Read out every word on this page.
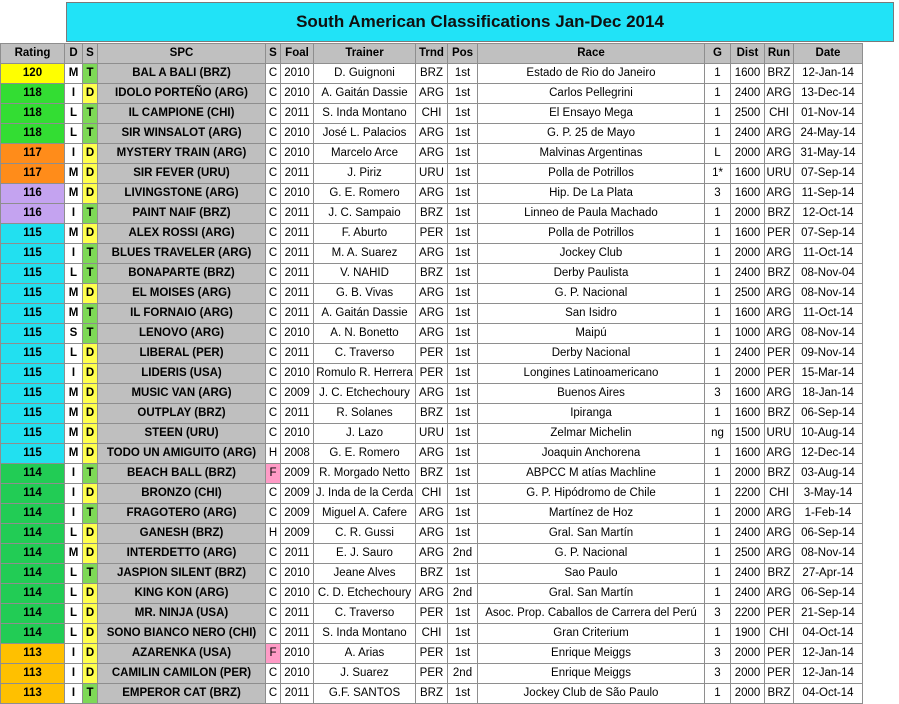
South American Classifications Jan-Dec 2014
Rating	D	S	SPC	S	Foal	Trainer	Trnd	Pos	Race	G	Dist	Run	Date
120	M	T	BAL A BALI (BRZ)	C	2010	D. Guignoni	BRZ	1st	Estado de Rio do Janeiro	1	1600	BRZ	12-Jan-14
118	I	D	IDOLO PORTEÑO (ARG)	C	2010	A. Gaitán Dassie	ARG	1st	Carlos Pellegrini	1	2400	ARG	13-Dec-14
118	L	T	IL CAMPIONE (CHI)	C	2011	S. Inda Montano	CHI	1st	El Ensayo Mega	1	2500	CHI	01-Nov-14
118	L	T	SIR WINSALOT (ARG)	C	2010	José L. Palacios	ARG	1st	G. P. 25 de Mayo	1	2400	ARG	24-May-14
117	I	D	MYSTERY TRAIN (ARG)	C	2010	Marcelo Arce	ARG	1st	Malvinas Argentinas	L	2000	ARG	31-May-14
117	M	D	SIR FEVER (URU)	C	2011	J. Piriz	URU	1st	Polla de Potrillos	1*	1600	URU	07-Sep-14
116	M	D	LIVINGSTONE (ARG)	C	2010	G. E. Romero	ARG	1st	Hip. De La Plata	3	1600	ARG	11-Sep-14
116	I	T	PAINT NAIF (BRZ)	C	2011	J. C. Sampaio	BRZ	1st	Linneo de Paula Machado	1	2000	BRZ	12-Oct-14
115	M	D	ALEX ROSSI (ARG)	C	2011	F. Aburto	PER	1st	Polla de Potrillos	1	1600	PER	07-Sep-14
115	I	T	BLUES TRAVELER (ARG)	C	2011	M. A. Suarez	ARG	1st	Jockey Club	1	2000	ARG	11-Oct-14
115	L	T	BONAPARTE (BRZ)	C	2011	V. NAHID	BRZ	1st	Derby Paulista	1	2400	BRZ	08-Nov-04
115	M	D	EL MOISES (ARG)	C	2011	G. B. Vivas	ARG	1st	G. P. Nacional	1	2500	ARG	08-Nov-14
115	M	T	IL FORNAIO (ARG)	C	2011	A. Gaitán Dassie	ARG	1st	San Isidro	1	1600	ARG	11-Oct-14
115	S	T	LENOVO (ARG)	C	2010	A. N. Bonetto	ARG	1st	Maipú	1	1000	ARG	08-Nov-14
115	L	D	LIBERAL (PER)	C	2011	C. Traverso	PER	1st	Derby Nacional	1	2400	PER	09-Nov-14
115	I	D	LIDERIS (USA)	C	2010	Romulo R. Herrera	PER	1st	Longines Latinoamericano	1	2000	PER	15-Mar-14
115	M	D	MUSIC VAN (ARG)	C	2009	J. C. Etchechoury	ARG	1st	Buenos Aires	3	1600	ARG	18-Jan-14
115	M	D	OUTPLAY (BRZ)	C	2011	R. Solanes	BRZ	1st	Ipiranga	1	1600	BRZ	06-Sep-14
115	M	D	STEEN (URU)	C	2010	J. Lazo	URU	1st	Zelmar Michelin	ng	1500	URU	10-Aug-14
115	M	D	TODO UN AMIGUITO (ARG)	H	2008	G. E. Romero	ARG	1st	Joaquin Anchorena	1	1600	ARG	12-Dec-14
114	I	T	BEACH BALL (BRZ)	F	2009	R. Morgado Netto	BRZ	1st	ABPCC M atías Machline	1	2000	BRZ	03-Aug-14
114	I	D	BRONZO (CHI)	C	2009	J. Inda de la Cerda	CHI	1st	G. P. Hipódromo de Chile	1	2200	CHI	3-May-14
114	I	T	FRAGOTERO (ARG)	C	2009	Miguel A. Cafere	ARG	1st	Martínez de Hoz	1	2000	ARG	1-Feb-14
114	L	D	GANESH (BRZ)	H	2009	C. R. Gussi	ARG	1st	Gral. San Martín	1	2400	ARG	06-Sep-14
114	M	D	INTERDETTO (ARG)	C	2011	E. J. Sauro	ARG	2nd	G. P. Nacional	1	2500	ARG	08-Nov-14
114	L	T	JASPION SILENT (BRZ)	C	2010	Jeane Alves	BRZ	1st	Sao Paulo	1	2400	BRZ	27-Apr-14
114	L	D	KING KON (ARG)	C	2010	C. D. Etchechoury	ARG	2nd	Gral. San Martín	1	2400	ARG	06-Sep-14
114	L	D	MR. NINJA (USA)	C	2011	C. Traverso	PER	1st	Asoc. Prop. Caballos de Carrera del Perú	3	2200	PER	21-Sep-14
114	L	D	SONO BIANCO NERO (CHI)	C	2011	S. Inda Montano	CHI	1st	Gran Criterium	1	1900	CHI	04-Oct-14
113	I	D	AZARENKA (USA)	F	2010	A. Arias	PER	1st	Enrique Meiggs	3	2000	PER	12-Jan-14
113	I	D	CAMILIN CAMILON (PER)	C	2010	J. Suarez	PER	2nd	Enrique Meiggs	3	2000	PER	12-Jan-14
113	I	T	EMPEROR CAT (BRZ)	C	2011	G.F. SANTOS	BRZ	1st	Jockey Club de São Paulo	1	2000	BRZ	04-Oct-14
